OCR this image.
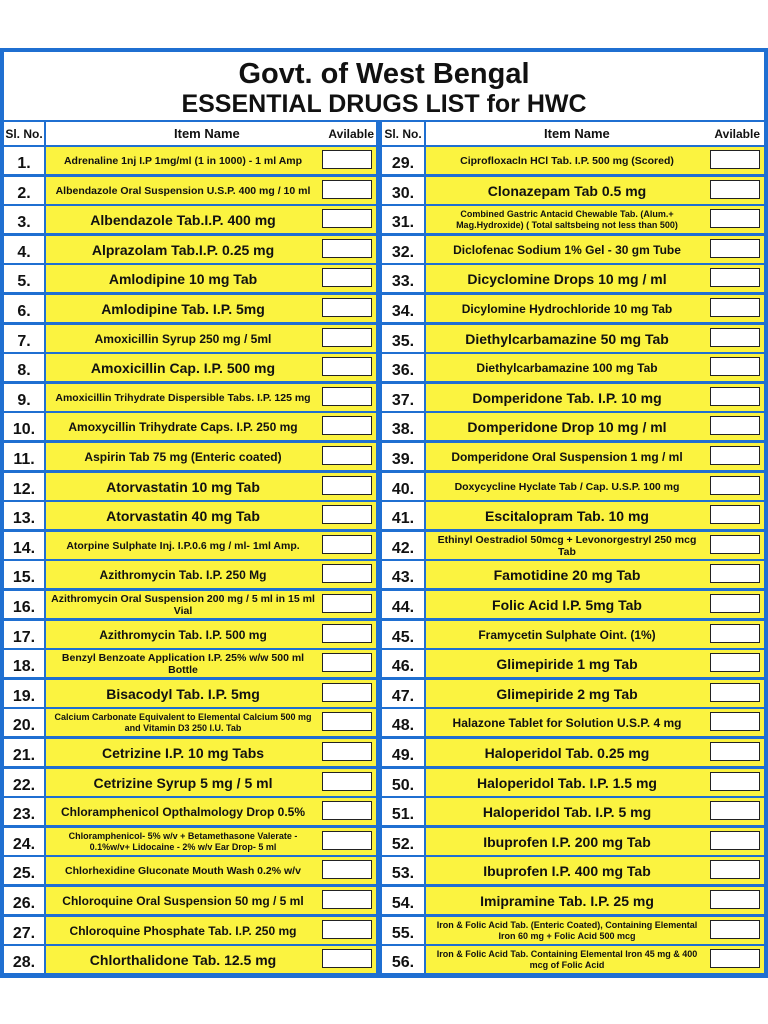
Govt. of West Bengal
ESSENTIAL DRUGS LIST for HWC
Sl. No.	Item Name	Avilable Sl. No.	Item Name	Avilable
1.	Adrenaline 1nj I.P 1mg/ml (1 in 1000) - 1 ml Amp
2.	Albendazole Oral Suspension U.S.P. 400 mg / 10 ml
3.	Albendazole Tab.I.P. 400 mg
4.	Alprazolam Tab.I.P. 0.25 mg
5.	Amlodipine 10 mg Tab
6.	Amlodipine Tab. I.P. 5mg
7.	Amoxicillin Syrup 250 mg / 5ml
8.	Amoxicillin Cap. I.P. 500 mg
9.	Amoxicillin Trihydrate Dispersible Tabs. I.P. 125 mg
10.	Amoxycillin Trihydrate Caps. I.P. 250 mg
11.	Aspirin Tab 75 mg (Enteric coated)
12.	Atorvastatin 10 mg Tab
13.	Atorvastatin 40 mg Tab
14.	Atorpine Sulphate Inj. I.P.0.6 mg / ml- 1ml Amp.
15.	Azithromycin Tab. I.P. 250 Mg
16.
Azithromycin Oral Suspension 200 mg / 5 ml in 15 ml Vial
17.	Azithromycin Tab. I.P. 500 mg
18.
Benzyl Benzoate Application I.P. 25% w/w 500 ml Bottle
19.	Bisacodyl Tab. I.P. 5mg
20.
Calcium Carbonate Equivalent to Elemental Calcium 500 mg and Vitamin D3 250 I.U. Tab
21.	Cetrizine I.P. 10 mg Tabs
22.	Cetrizine Syrup 5 mg / 5 ml
23.	Chloramphenicol Opthalmology Drop 0.5%
24.
Chloramphenicol- 5% w/v + Betamethasone Valerate - 0.1%w/v+ Lidocaine - 2% w/v Ear Drop- 5 ml
25.	Chlorhexidine Gluconate Mouth Wash 0.2% w/v
26.	Chloroquine Oral Suspension 50 mg / 5 ml
27.	Chloroquine Phosphate Tab. I.P. 250 mg
28.	Chlorthalidone Tab. 12.5 mg
29.	Ciprofloxacln HCl Tab. I.P. 500 mg (Scored)
30.	Clonazepam Tab 0.5 mg
31.
Combined Gastric Antacid Chewable Tab. (Alum.+ Mag.Hydroxide) ( Total saltsbeing not less than 500)
32.	Diclofenac Sodium 1% Gel - 30 gm Tube
33.	Dicyclomine Drops 10 mg / ml
34.	Dicylomine Hydrochloride 10 mg Tab
35.	Diethylcarbamazine 50 mg Tab
36.	Diethylcarbamazine 100 mg Tab
37.	Domperidone Tab. I.P. 10 mg
38.	Domperidone Drop 10 mg / ml
39.	Domperidone Oral Suspension 1 mg / ml
40.	Doxycycline Hyclate Tab / Cap. U.S.P. 100 mg
41.	Escitalopram Tab. 10 mg
42.
Ethinyl Oestradiol 50mcg + Levonorgestryl 250 mcg Tab
43.	Famotidine 20 mg Tab
44.	Folic Acid I.P. 5mg Tab
45.	Framycetin Sulphate Oint. (1%)
46.	Glimepiride 1 mg Tab
47.	Glimepiride 2 mg Tab
48.	Halazone Tablet for Solution U.S.P. 4 mg
49.	Haloperidol Tab. 0.25 mg
50.	Haloperidol Tab. I.P. 1.5 mg
51.	Haloperidol Tab. I.P. 5 mg
52.	Ibuprofen I.P. 200 mg Tab
53.	Ibuprofen I.P. 400 mg Tab
54.	Imipramine Tab. I.P. 25 mg
55.
Iron & Folic Acid Tab. (Enteric Coated), Containing Elemental Iron 60 mg + Folic Acid 500 mcg
56.
Iron & Folic Acid Tab. Containing Elemental Iron 45 mg & 400 mcg of Folic Acid
